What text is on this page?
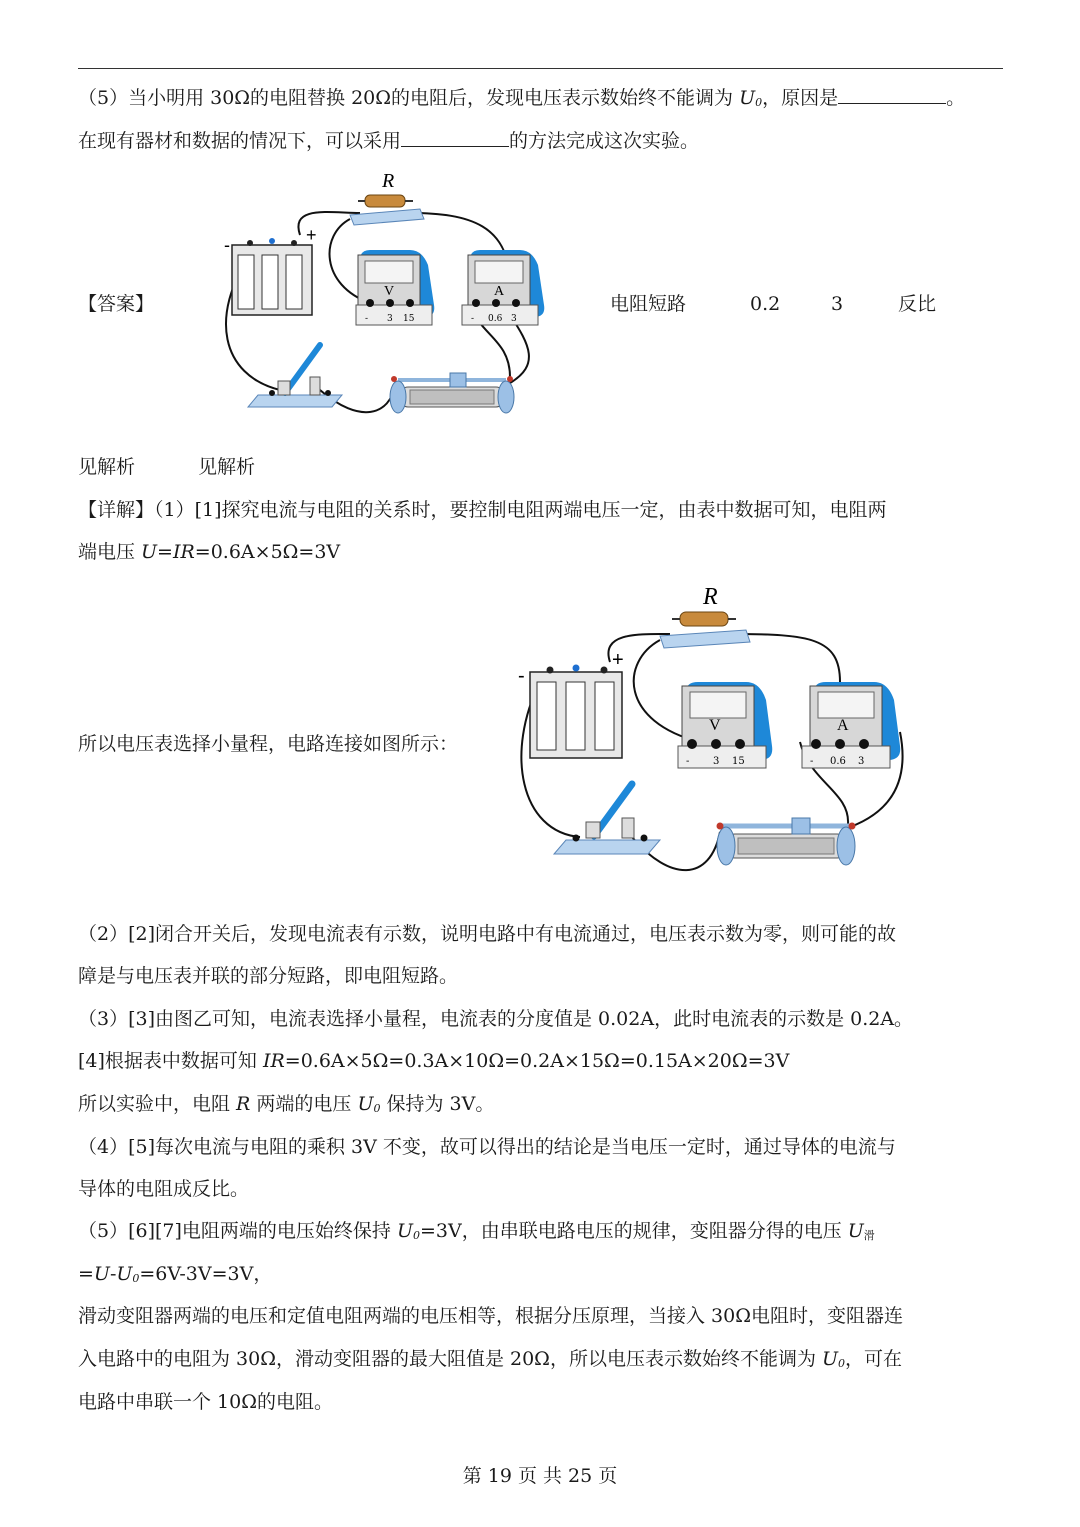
（5）当小明用 30Ω的电阻替换 20Ω的电阻后，发现电压表示数始终不能调为 U0，原因是	。
在现有器材和数据的情况下，可以采用	的方法完成这次实验。
【答案】
R
-	+
V
- 3 15
A
- 0.6 3
电阻短路	0.2	3	反比
见解析	见解析
【详解】（1）[1]探究电流与电阻的关系时，要控制电阻两端电压一定，由表中数据可知，电阻两
端电压 U=IR=0.6A×5Ω=3V
所以电压表选择小量程，电路连接如图所示：
R
-
+
V
- 3 15
A
- 0.6 3
（2）[2]闭合开关后，发现电流表有示数，说明电路中有电流通过，电压表示数为零，则可能的故
障是与电压表并联的部分短路，即电阻短路。
（3）[3]由图乙可知，电流表选择小量程，电流表的分度值是 0.02A，此时电流表的示数是 0.2A。
[4]根据表中数据可知 IR=0.6A×5Ω=0.3A×10Ω=0.2A×15Ω=0.15A×20Ω=3V
所以实验中，电阻 R 两端的电压 U0 保持为 3V。
（4）[5]每次电流与电阻的乘积 3V 不变，故可以得出的结论是当电压一定时，通过导体的电流与
导体的电阻成反比。
（5）[6][7]电阻两端的电压始终保持 U0=3V，由串联电路电压的规律，变阻器分得的电压 U滑
=U-U0=6V-3V=3V，
滑动变阻器两端的电压和定值电阻两端的电压相等，根据分压原理，当接入 30Ω电阻时，变阻器连
入电路中的电阻为 30Ω，滑动变阻器的最大阻值是 20Ω，所以电压表示数始终不能调为 U0，可在
电路中串联一个 10Ω的电阻。
第 19 页 共 25 页
